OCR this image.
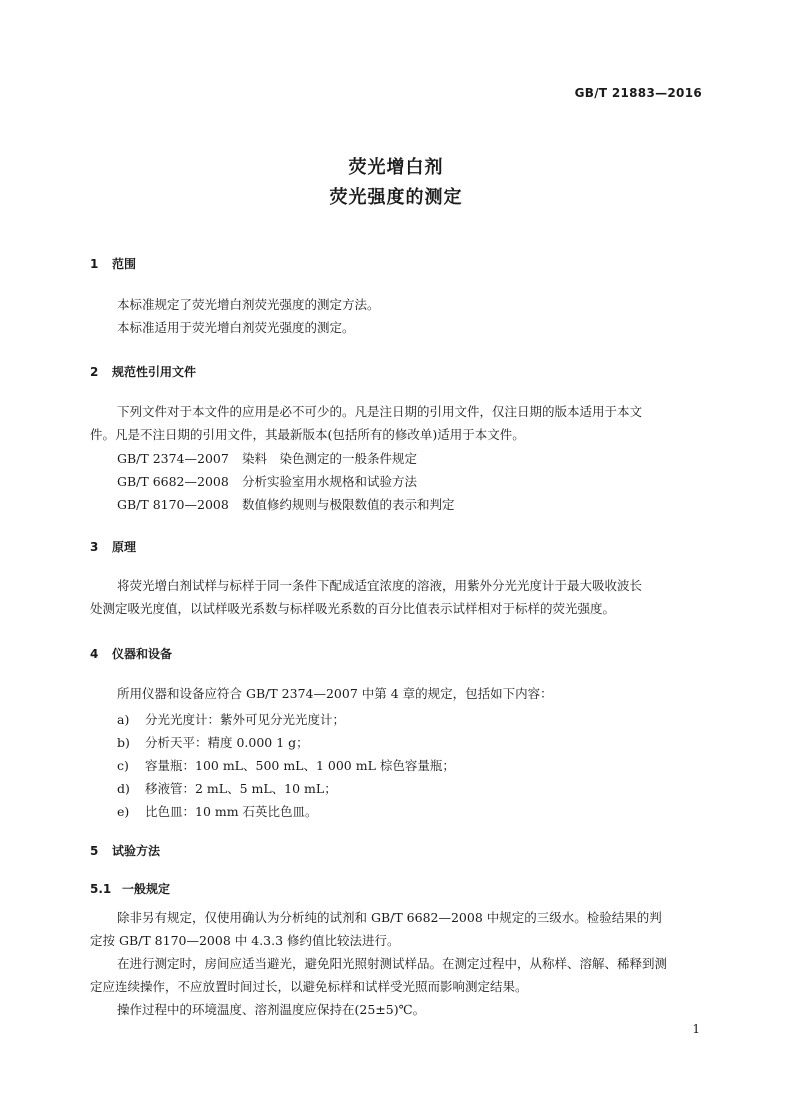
GB/T 21883—2016
荧光增白剂
荧光强度的测定
1 范围
本标准规定了荧光增白剂荧光强度的测定方法。
本标准适用于荧光增白剂荧光强度的测定。
2 规范性引用文件
下列文件对于本文件的应用是必不可少的。凡是注日期的引用文件，仅注日期的版本适用于本文
件。凡是不注日期的引用文件，其最新版本(包括所有的修改单)适用于本文件。
GB/T 2374—2007 染料　染色测定的一般条件规定
GB/T 6682—2008 分析实验室用水规格和试验方法
GB/T 8170—2008 数值修约规则与极限数值的表示和判定
3 原理
将荧光增白剂试样与标样于同一条件下配成适宜浓度的溶液，用紫外分光光度计于最大吸收波长
处测定吸光度值，以试样吸光系数与标样吸光系数的百分比值表示试样相对于标样的荧光强度。
4 仪器和设备
所用仪器和设备应符合 GB/T 2374—2007 中第 4 章的规定，包括如下内容：
a) 分光光度计：紫外可见分光光度计；
b) 分析天平：精度 0.000 1 g；
c) 容量瓶：100 mL、500 mL、1 000 mL 棕色容量瓶；
d) 移液管：2 mL、5 mL、10 mL；
e) 比色皿：10 mm 石英比色皿。
5 试验方法
5.1 一般规定
除非另有规定，仅使用确认为分析纯的试剂和 GB/T 6682—2008 中规定的三级水。检验结果的判
定按 GB/T 8170—2008 中 4.3.3 修约值比较法进行。
在进行测定时，房间应适当避光，避免阳光照射测试样品。在测定过程中，从称样、溶解、稀释到测
定应连续操作，不应放置时间过长，以避免标样和试样受光照而影响测定结果。
操作过程中的环境温度、溶剂温度应保持在(25±5)℃。
1
